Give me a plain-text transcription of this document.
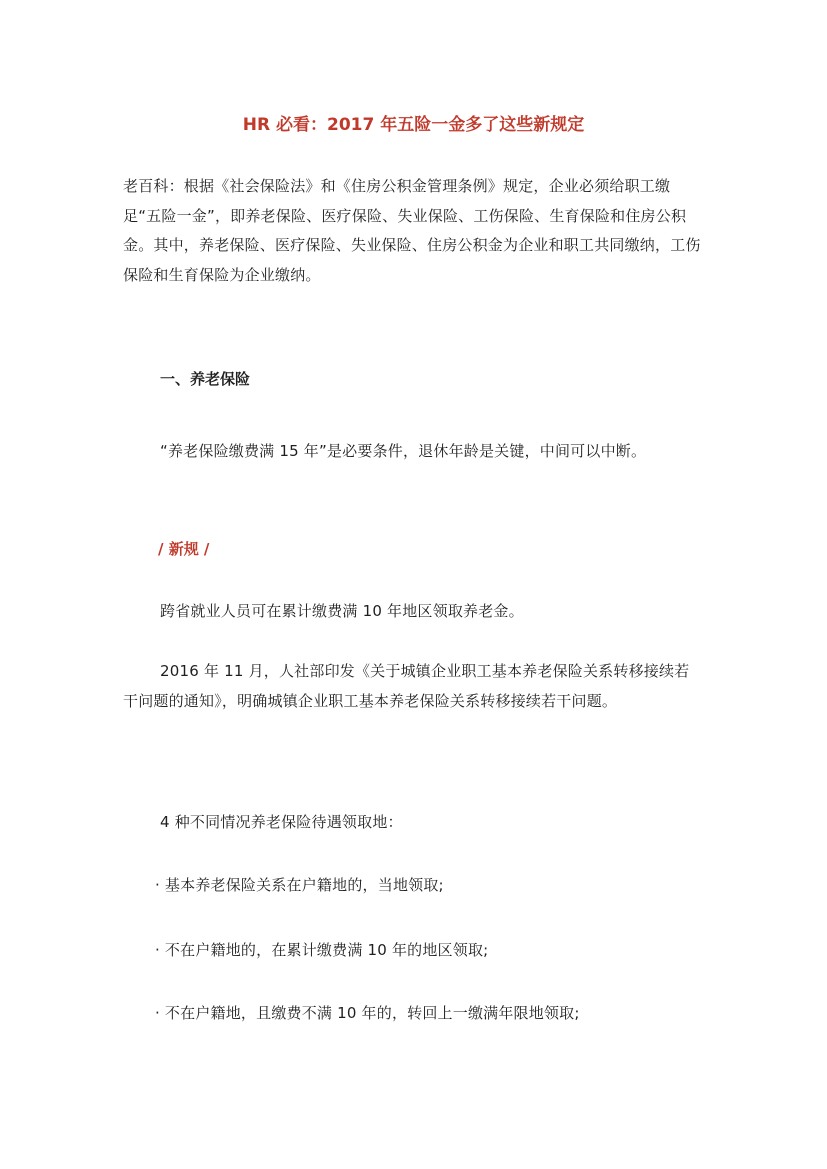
HR 必看：2017 年五险一金多了这些新规定

老百科：根据《社会保险法》和《住房公积金管理条例》规定，企业必须给职工缴足“五险一金”，即养老保险、医疗保险、失业保险、工伤保险、生育保险和住房公积金。其中，养老保险、医疗保险、失业保险、住房公积金为企业和职工共同缴纳，工伤保险和生育保险为企业缴纳。

一、养老保险

“养老保险缴费满 15 年”是必要条件，退休年龄是关键，中间可以中断。

/ 新规 /

跨省就业人员可在累计缴费满 10 年地区领取养老金。

2016 年 11 月，人社部印发《关于城镇企业职工基本养老保险关系转移接续若干问题的通知》，明确城镇企业职工基本养老保险关系转移接续若干问题。

4 种不同情况养老保险待遇领取地：

· 基本养老保险关系在户籍地的，当地领取;

· 不在户籍地的，在累计缴费满 10 年的地区领取;

· 不在户籍地，且缴费不满 10 年的，转回上一缴满年限地领取;
